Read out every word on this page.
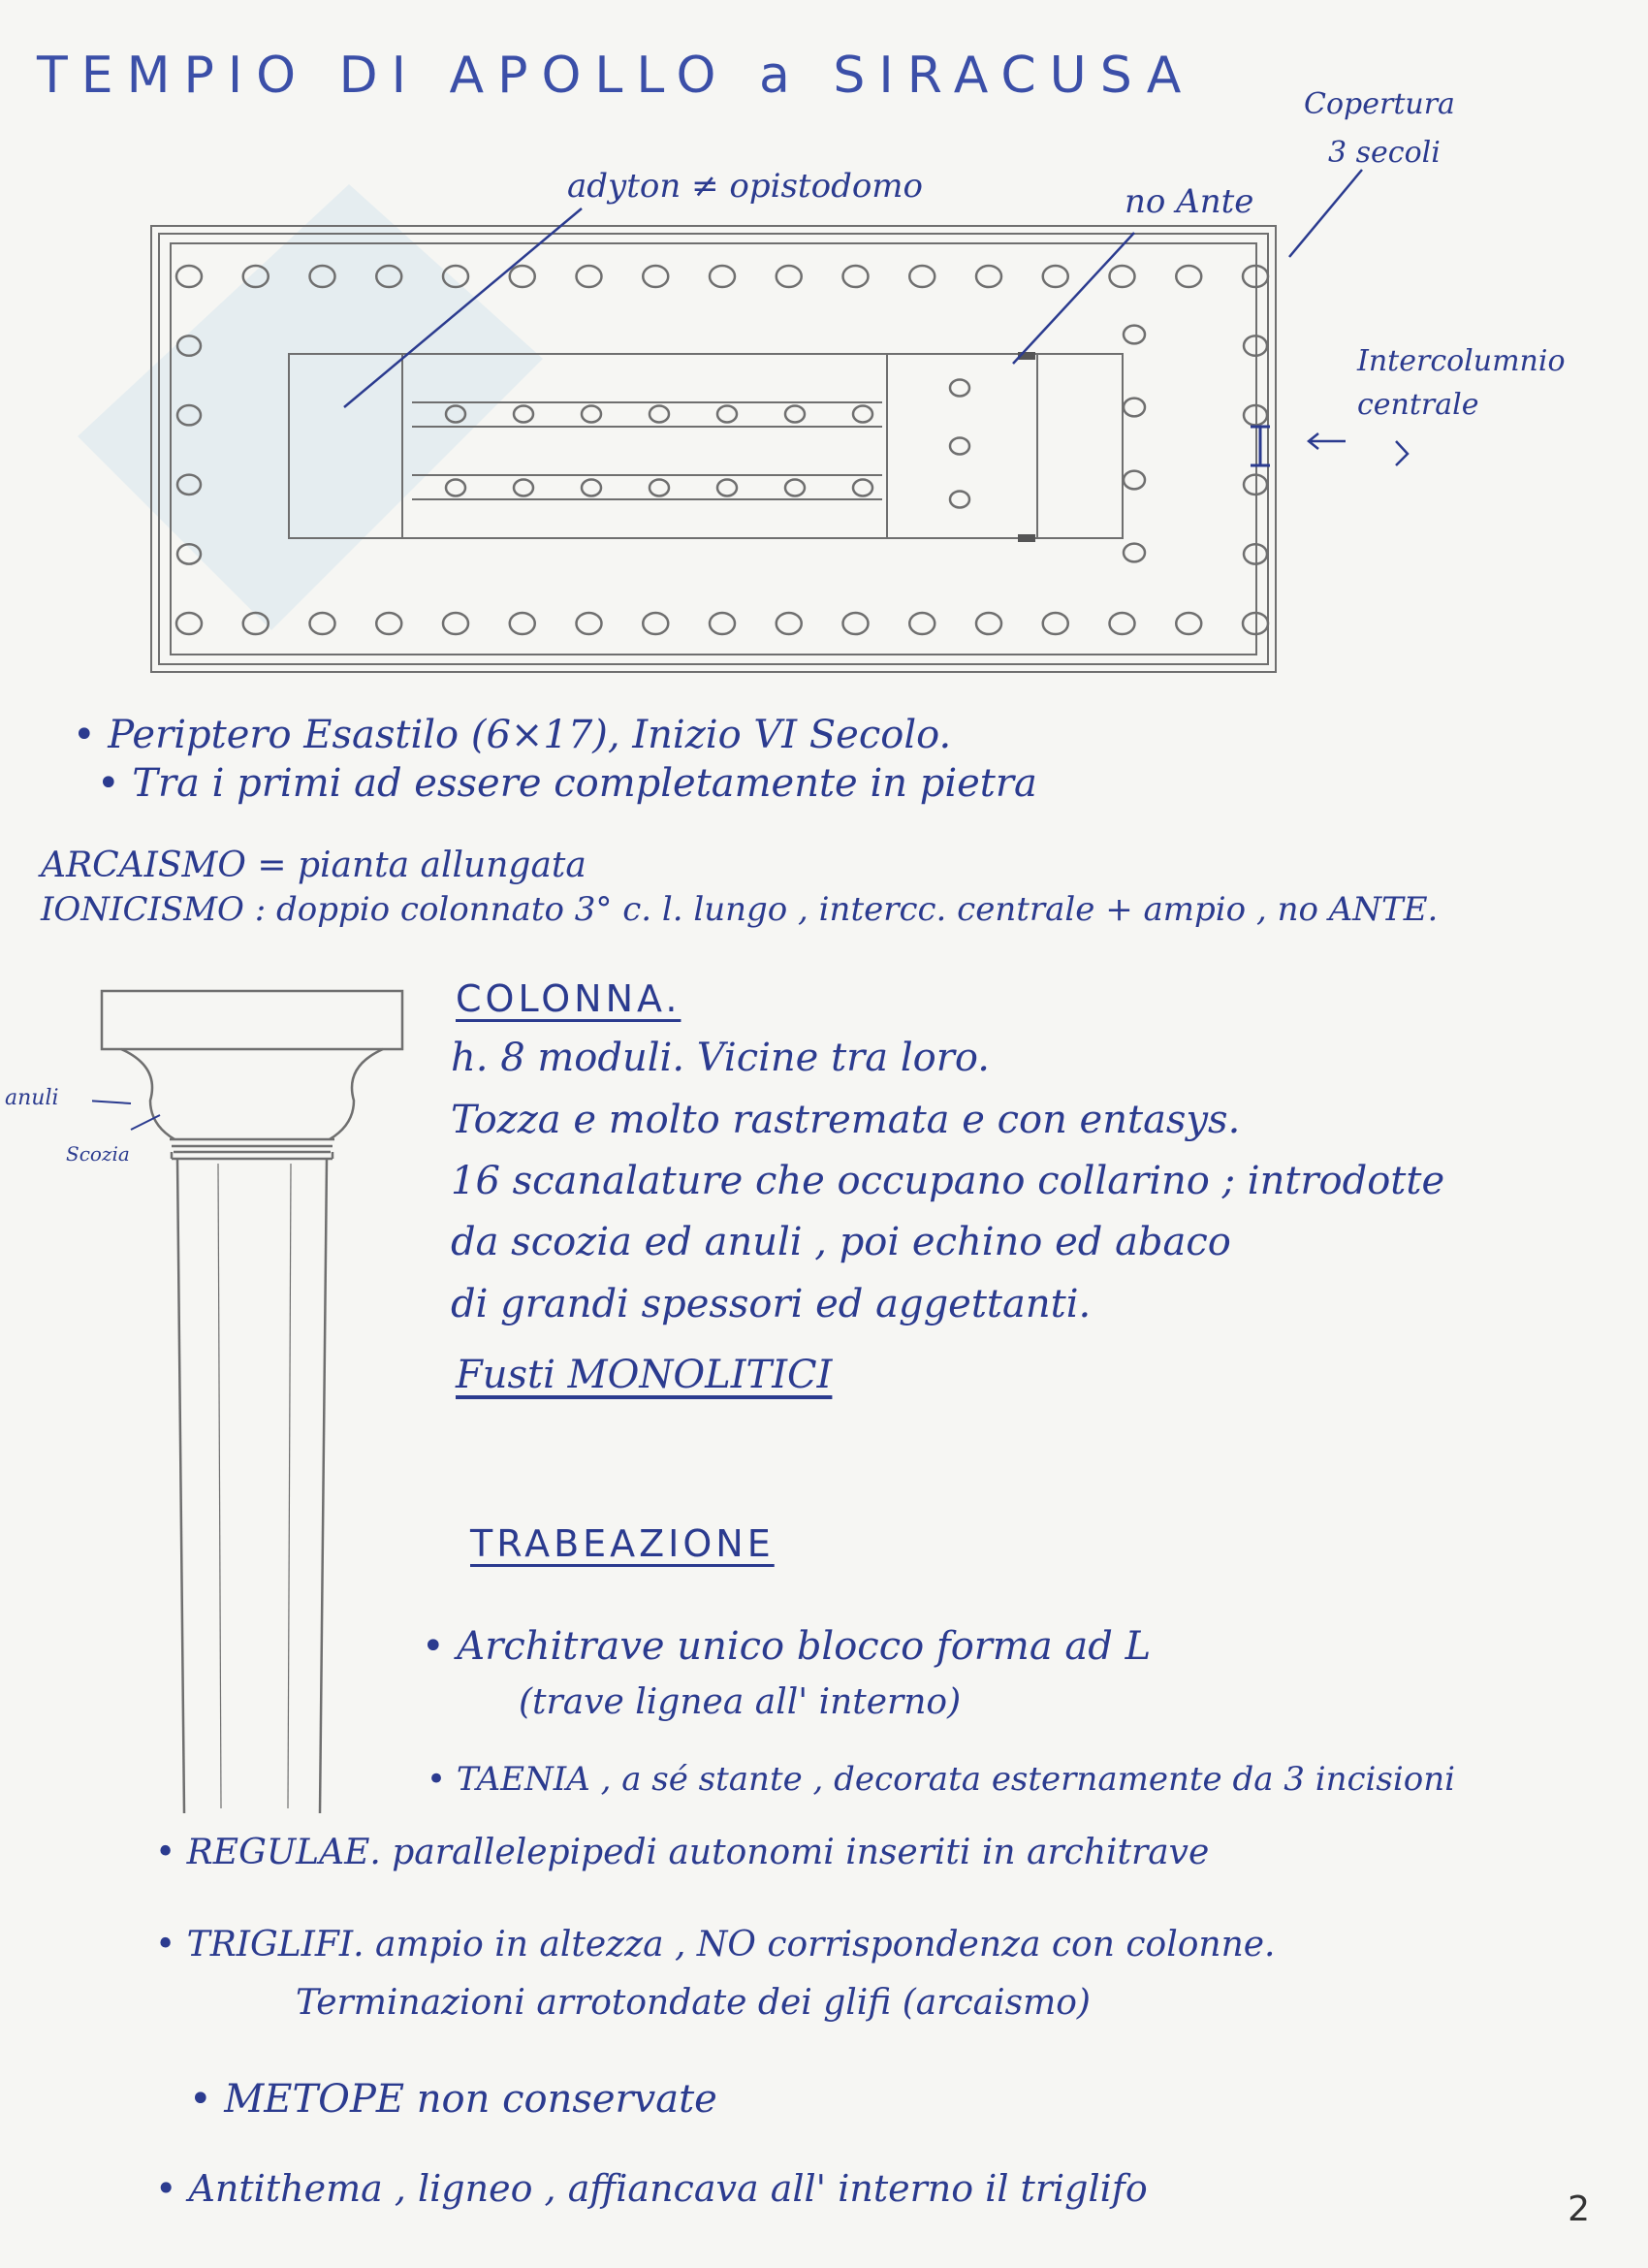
TEMPIO DI APOLLO a SIRACUSA
adyton ≠ opistodomo	no Ante
Copertura
3 secoli
Intercolumnio
centrale
• Periptero Esastilo (6×17), Inizio VI Secolo.
• Tra i primi ad essere completamente in pietra
ARCAISMO = pianta allungata
IONICISMO : doppio colonnato 3° c. l. lungo , intercc. centrale + ampio , no ANTE.
anuli
Scozia
COLONNA.
h. 8 moduli. Vicine tra loro.
Tozza e molto rastremata e con entasys.
16 scanalature che occupano collarino ; introdotte
da scozia ed anuli , poi echino ed abaco
di grandi spessori ed aggettanti.
Fusti MONOLITICI
TRABEAZIONE
• Architrave unico blocco forma ad L
(trave lignea all' interno)
• TAENIA , a sé stante , decorata esternamente da 3 incisioni
• REGULAE. parallelepipedi autonomi inseriti in architrave
• TRIGLIFI. ampio in altezza , NO corrispondenza con colonne.
Terminazioni arrotondate dei glifi (arcaismo)
• METOPE non conservate
• Antithema , ligneo , affiancava all' interno il triglifo	2
